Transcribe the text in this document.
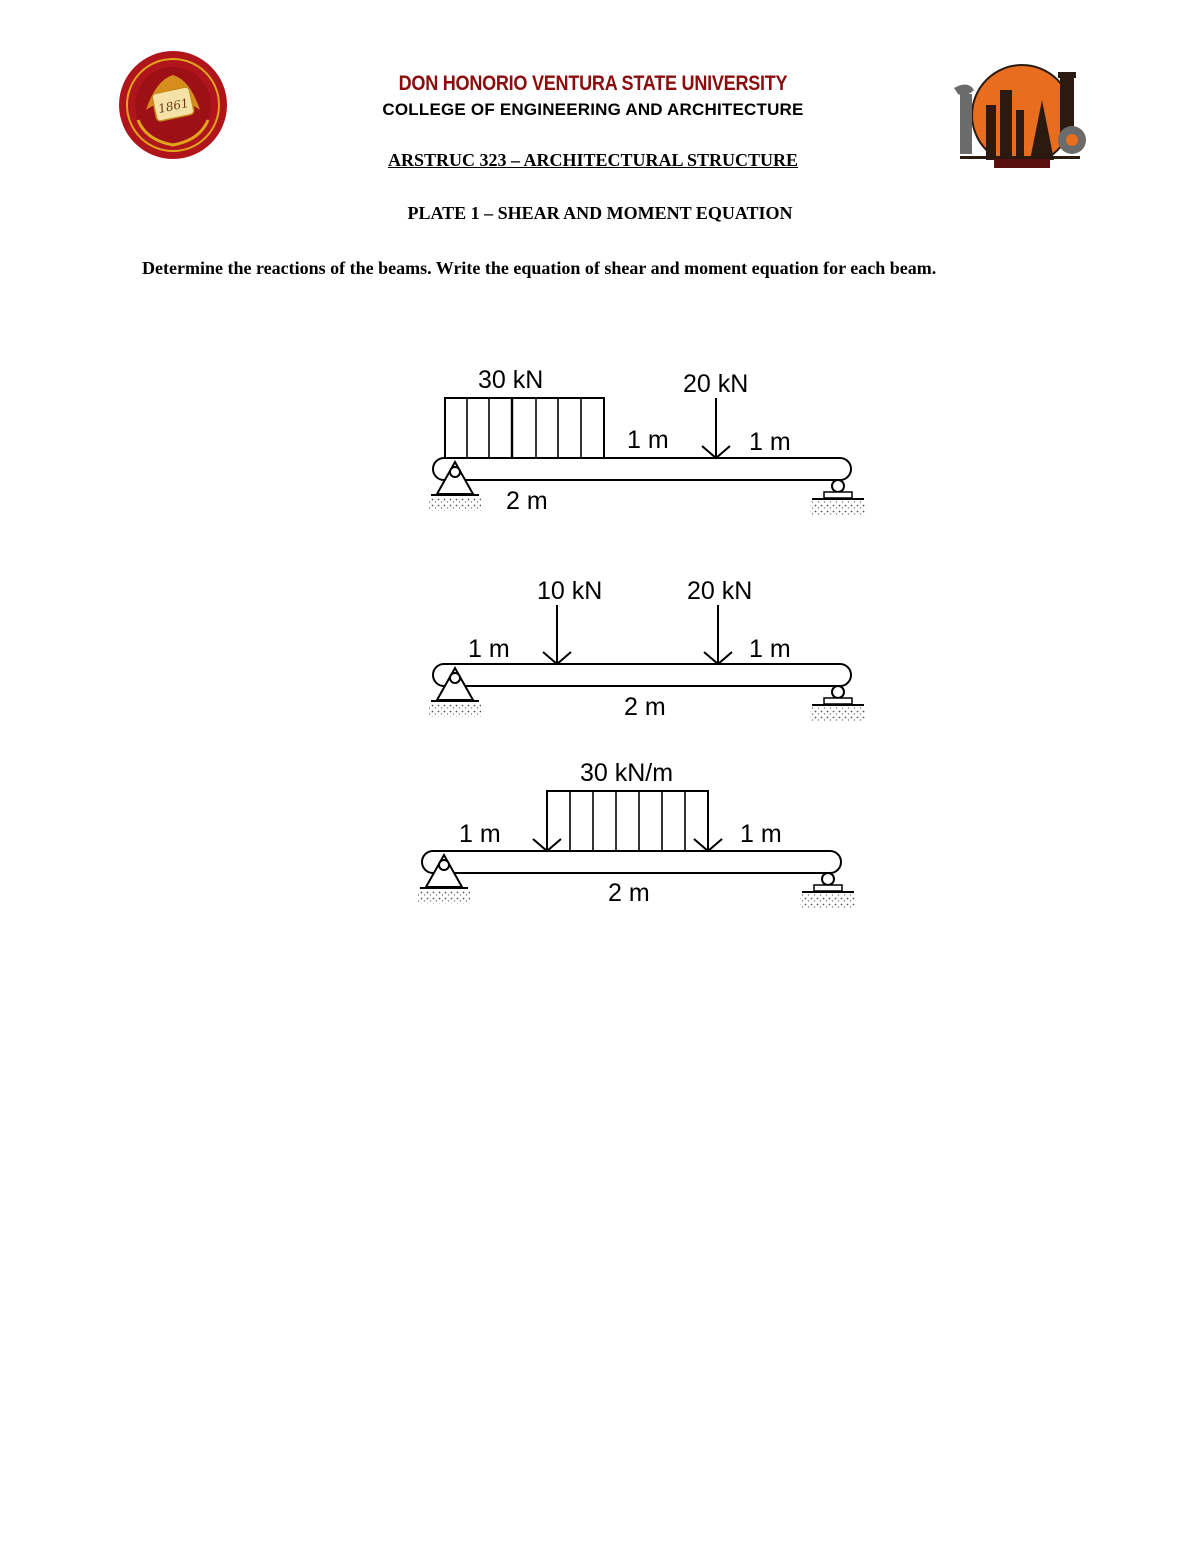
1861
DON HONORIO VENTURA STATE UNIVERSITY
COLLEGE OF ENGINEERING AND ARCHITECTURE
ARSTRUC 323 – ARCHITECTURAL STRUCTURE
PLATE 1 – SHEAR AND MOMENT EQUATION
Determine the reactions of the beams. Write the equation of shear and moment equation for each beam.
30 kN	20 kN
1 m	1 m
2 m
10 kN	20 kN
1 m	1 m
2 m
30 kN/m
1 m	1 m
2 m
